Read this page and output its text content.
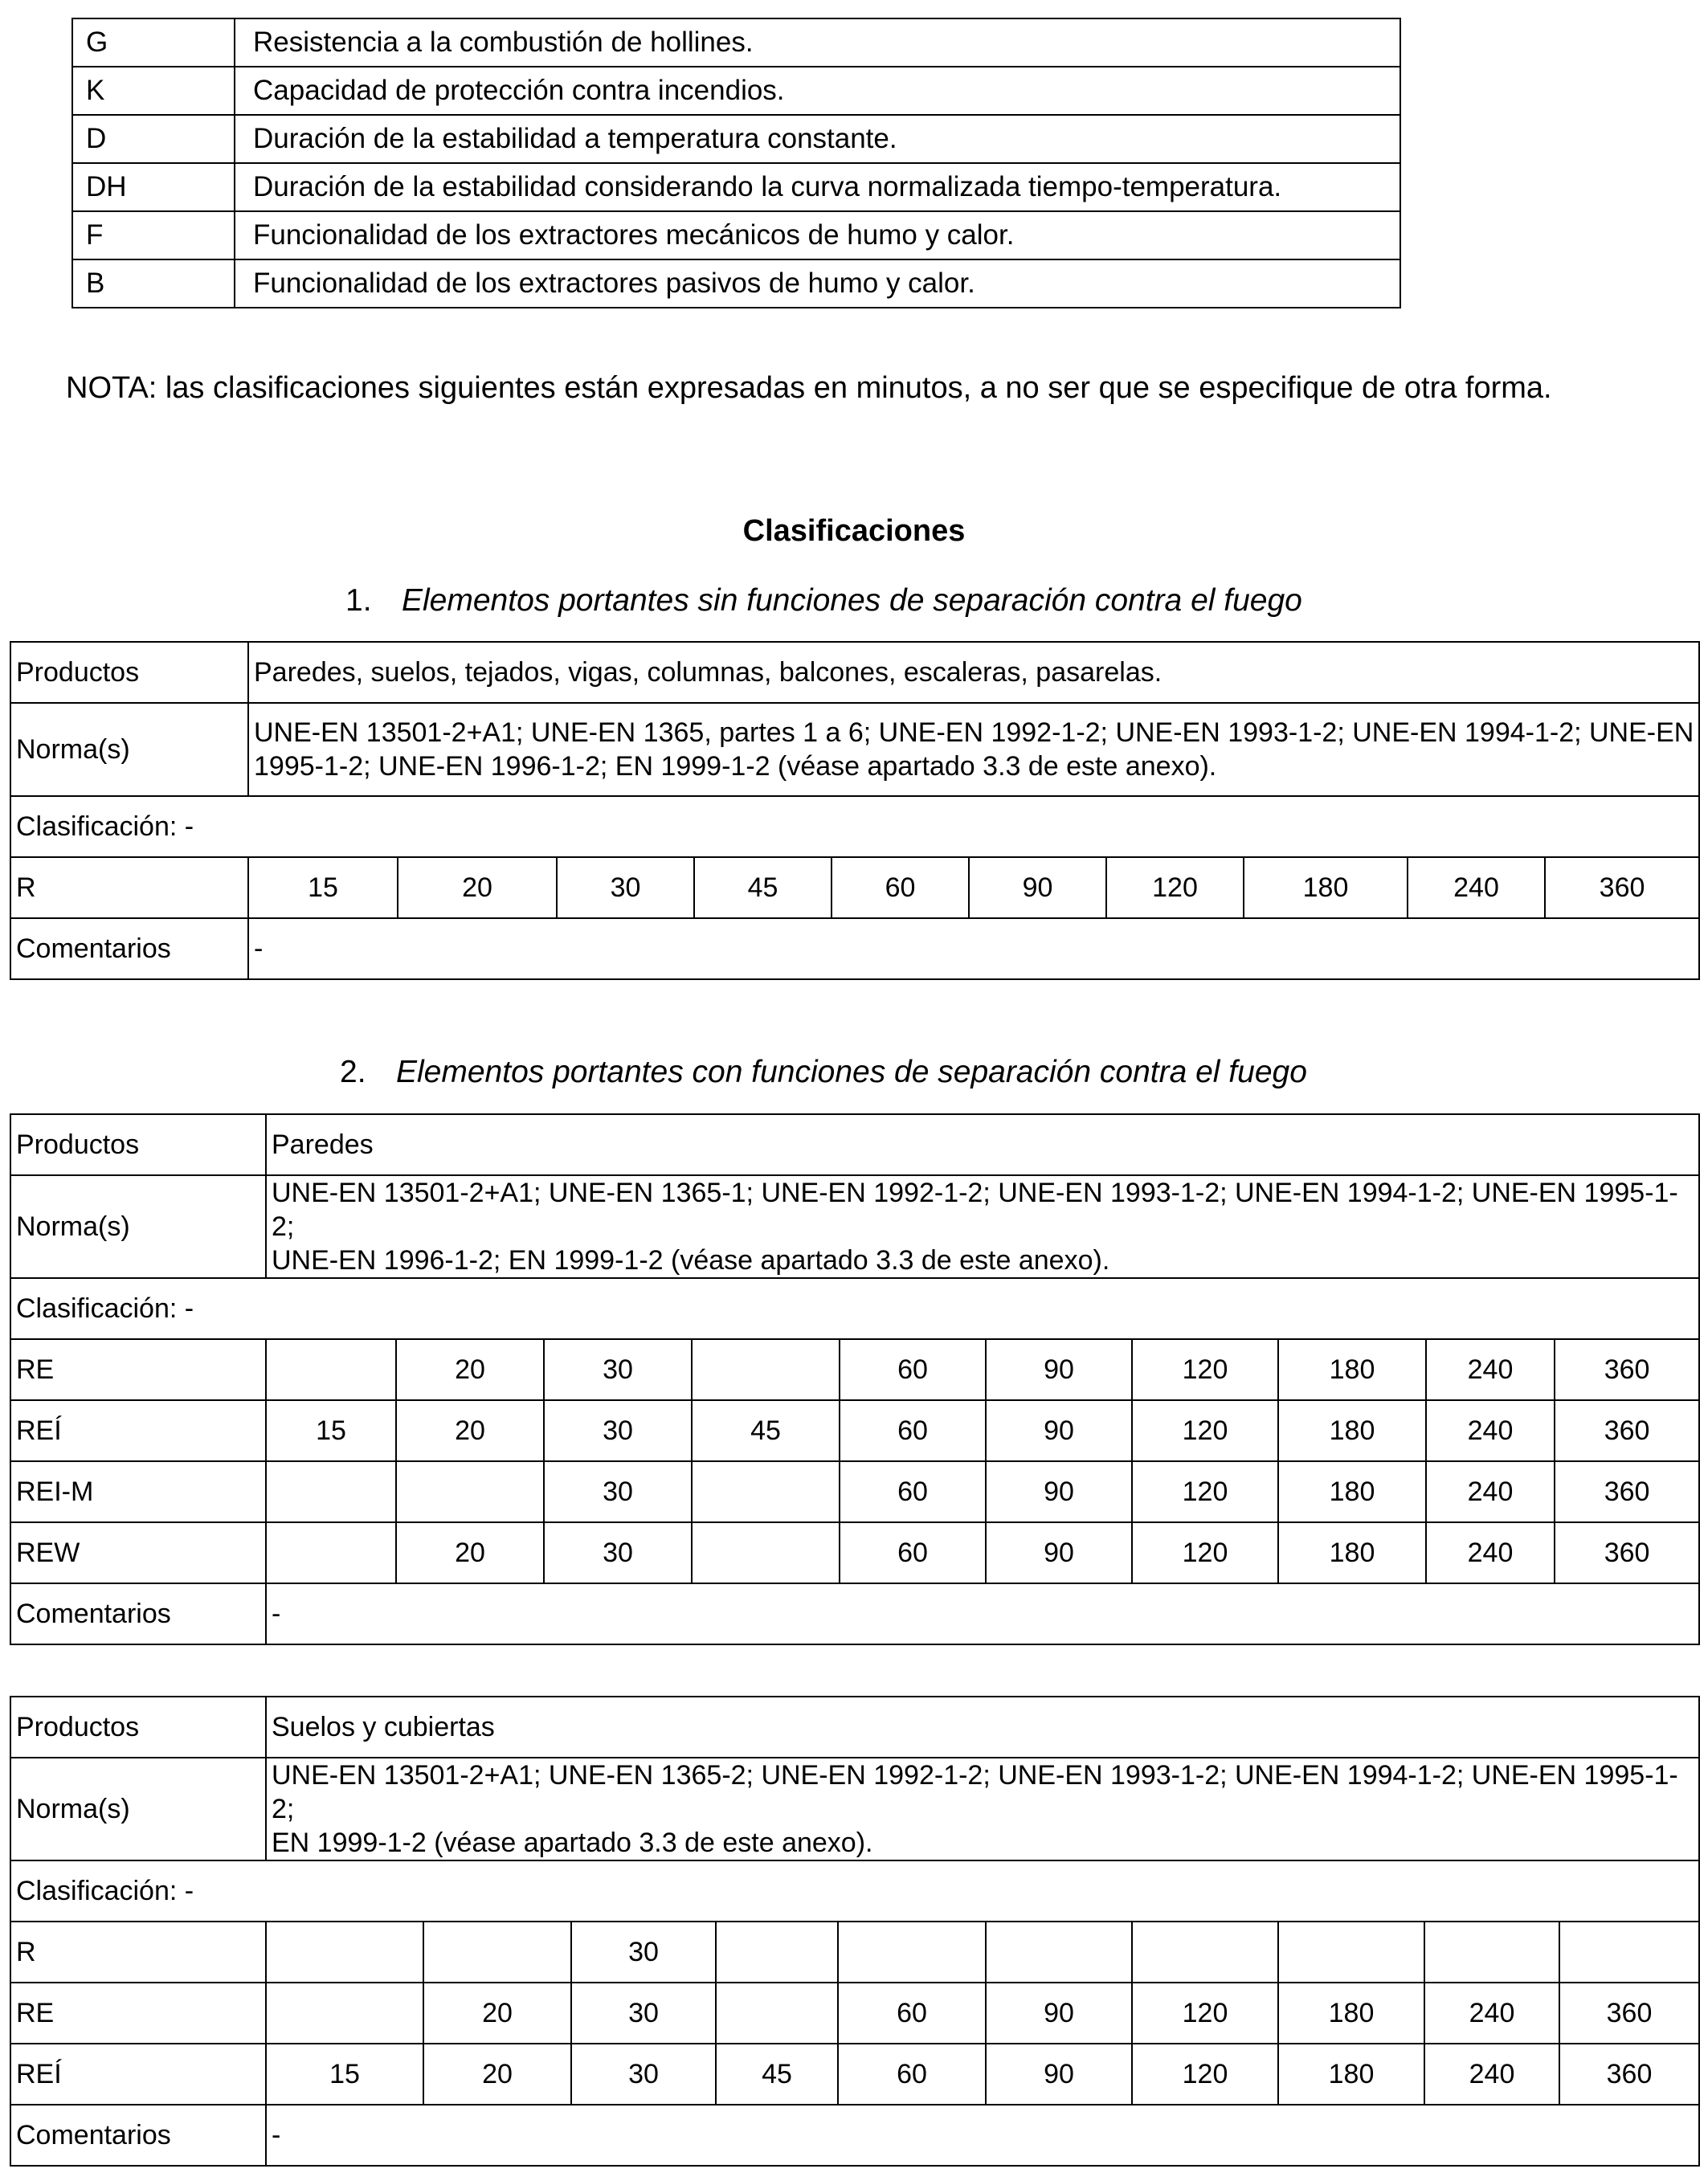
G	Resistencia a la combustión de hollines.
K	Capacidad de protección contra incendios.
D	Duración de la estabilidad a temperatura constante.
DH	Duración de la estabilidad considerando la curva normalizada tiempo-temperatura.
F	Funcionalidad de los extractores mecánicos de humo y calor.
B	Funcionalidad de los extractores pasivos de humo y calor.
NOTA: las clasificaciones siguientes están expresadas en minutos, a no ser que se especifique de otra forma.
Clasificaciones
1. Elementos portantes sin funciones de separación contra el fuego
Productos	Paredes, suelos, tejados, vigas, columnas, balcones, escaleras, pasarelas.									
Norma(s)	UNE-EN 13501-2+A1; UNE-EN 1365, partes 1 a 6; UNE-EN 1992-1-2; UNE-EN 1993-1-2; UNE-EN 1994-1-2; UNE-EN
1995-1-2; UNE-EN 1996-1-2; EN 1999-1-2 (véase apartado 3.3 de este anexo).									
Clasificación: -										
R	15	20	30	45	60	90	120	180	240	360
Comentarios	-									
2. Elementos portantes con funciones de separación contra el fuego
Productos	Paredes									
Norma(s)	UNE-EN 13501-2+A1; UNE-EN 1365-1; UNE-EN 1992-1-2; UNE-EN 1993-1-2; UNE-EN 1994-1-2; UNE-EN 1995-1-2;
UNE-EN 1996-1-2; EN 1999-1-2 (véase apartado 3.3 de este anexo).									
Clasificación: -										
RE		20	30		60	90	120	180	240	360
REÍ	15	20	30	45	60	90	120	180	240	360
REI-M			30		60	90	120	180	240	360
REW		20	30		60	90	120	180	240	360
Comentarios	-									
Productos	Suelos y cubiertas									
Norma(s)	UNE-EN 13501-2+A1; UNE-EN 1365-2; UNE-EN 1992-1-2; UNE-EN 1993-1-2; UNE-EN 1994-1-2; UNE-EN 1995-1-2;
EN 1999-1-2 (véase apartado 3.3 de este anexo).									
Clasificación: -										
R			30							
RE		20	30		60	90	120	180	240	360
REÍ	15	20	30	45	60	90	120	180	240	360
Comentarios	-									
